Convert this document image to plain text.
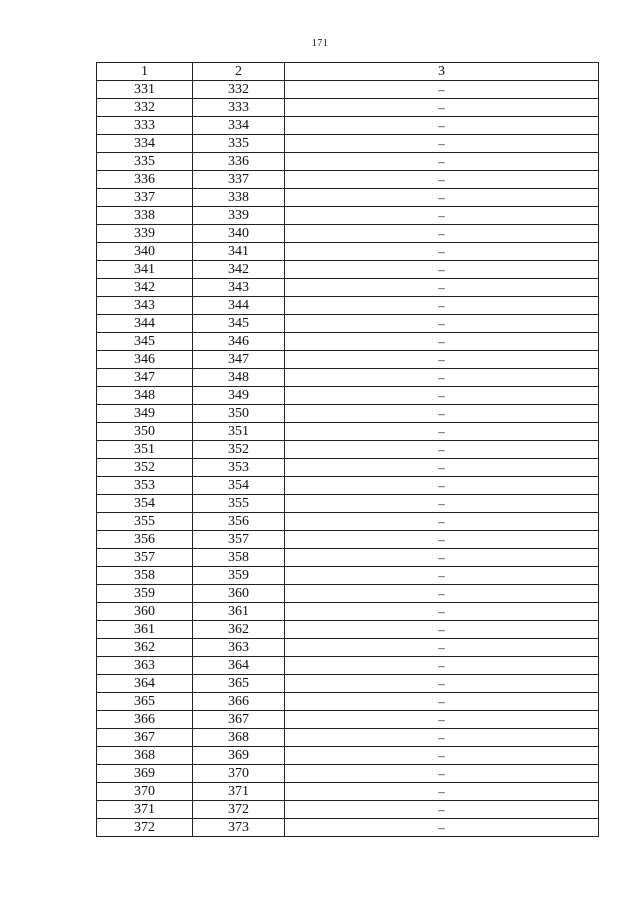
171
1	2	3
331	332	–
332	333	–
333	334	–
334	335	–
335	336	–
336	337	–
337	338	–
338	339	–
339	340	–
340	341	–
341	342	–
342	343	–
343	344	–
344	345	–
345	346	–
346	347	–
347	348	–
348	349	–
349	350	–
350	351	–
351	352	–
352	353	–
353	354	–
354	355	–
355	356	–
356	357	–
357	358	–
358	359	–
359	360	–
360	361	–
361	362	–
362	363	–
363	364	–
364	365	–
365	366	–
366	367	–
367	368	–
368	369	–
369	370	–
370	371	–
371	372	–
372	373	–
